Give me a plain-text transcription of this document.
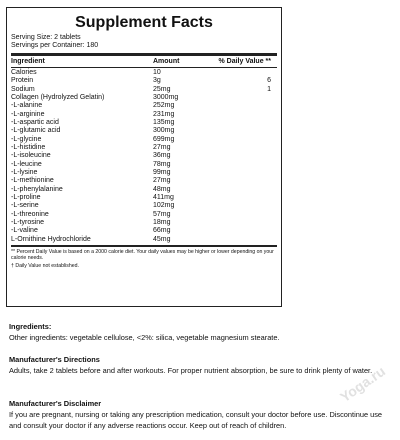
Supplement Facts
Serving Size: 2 tablets
Servings per Container: 180
Ingredient	Amount	% Daily Value **
Calories	10
Protein	3g	6
Sodium	25mg	1
Collagen (Hydrolyzed Gelatin)	3000mg
-L-alanine	252mg
-L-arginine	231mg
-L-aspartic acid	135mg
-L-glutamic acid	300mg
-L-glycine	699mg
-L-histidine	27mg
-L-isoleucine	36mg
-L-leucine	78mg
-L-lysine	99mg
-L-methionine	27mg
-L-phenylalanine	48mg
-L-proline	411mg
-L-serine	102mg
-L-threonine	57mg
-L-tyrosine	18mg
-L-valine	66mg
L-Ornithine Hydrochloride	45mg
** Percent Daily Value is based on a 2000 calorie diet. Your daily values may be higher or lower depending on your calorie needs.
† Daily Value not established.
Ingredients:
Other ingredients: vegetable cellulose, <2%: silica, vegetable magnesium stearate.
Manufacturer's Directions
Adults, take 2 tablets before and after workouts. For proper nutrient absorption, be sure to drink plenty of water.
Manufacturer's Disclaimer
If you are pregnant, nursing or taking any prescription medication, consult your doctor before use. Discontinue use and consult your doctor if any adverse reactions occur. Keep out of reach of children.
Yoga.ru
